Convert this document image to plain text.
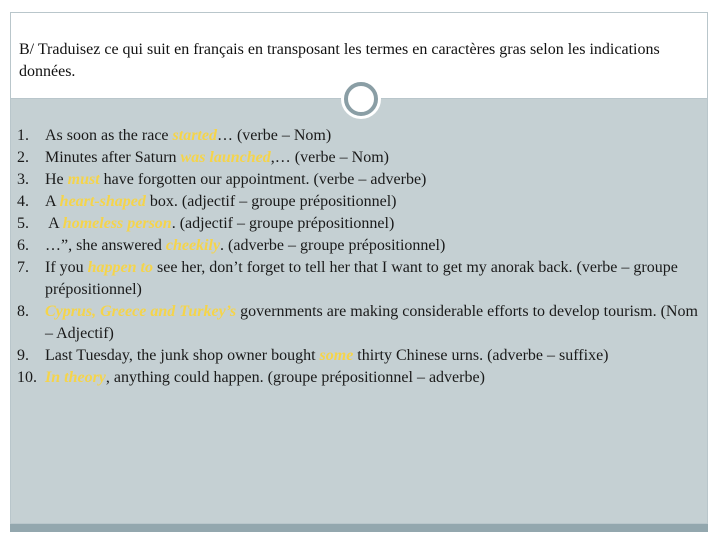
B/ Traduisez ce qui suit en français en transposant les termes en caractères gras selon les indications données.

1.	As soon as the race started… (verbe – Nom)
2.	Minutes after Saturn was launched,… (verbe – Nom)
3.	He must have forgotten our appointment. (verbe – adverbe)
4.	A heart-shaped box. (adjectif – groupe prépositionnel)
5.	A homeless person. (adjectif – groupe prépositionnel)
6.	…”, she answered cheekily. (adverbe – groupe prépositionnel)
7.	If you happen to see her, don’t forget to tell her that I want to get my anorak back. (verbe – groupe prépositionnel)
8.	Cyprus, Greece and Turkey’s governments are making considerable efforts to develop tourism. (Nom – Adjectif)
9.	Last Tuesday, the junk shop owner bought some thirty Chinese urns. (adverbe – suffixe)
10. In theory, anything could happen. (groupe prépositionnel – adverbe)
